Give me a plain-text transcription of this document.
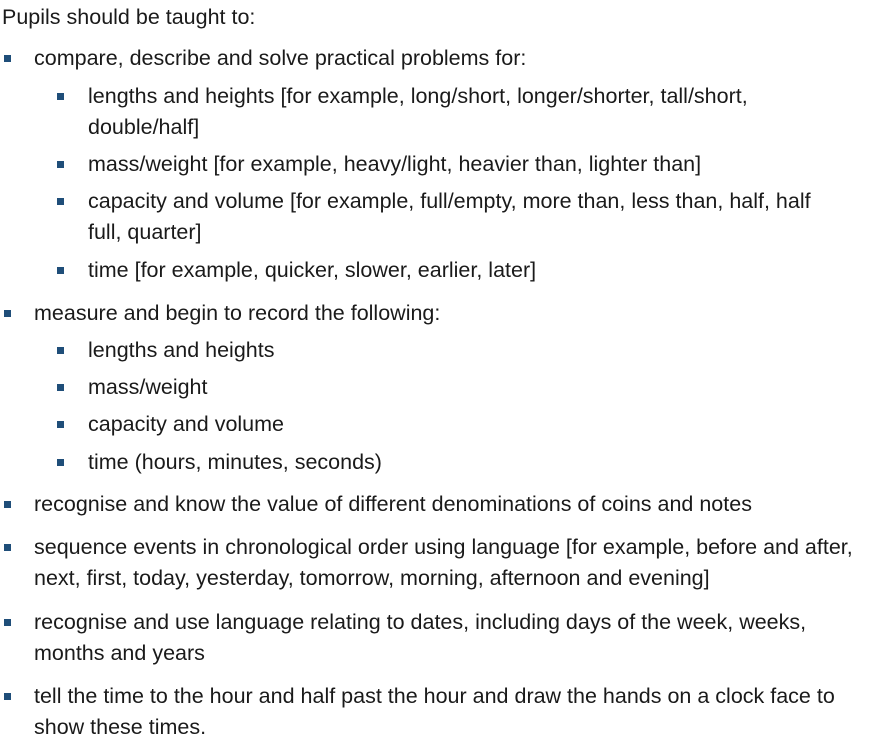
Pupils should be taught to:
compare, describe and solve practical problems for:
lengths and heights [for example, long/short, longer/shorter, tall/short, double/half]
mass/weight [for example, heavy/light, heavier than, lighter than]
capacity and volume [for example, full/empty, more than, less than, half, half full, quarter]
time [for example, quicker, slower, earlier, later]
measure and begin to record the following:
lengths and heights
mass/weight
capacity and volume
time (hours, minutes, seconds)
recognise and know the value of different denominations of coins and notes
sequence events in chronological order using language [for example, before and after, next, first, today, yesterday, tomorrow, morning, afternoon and evening]
recognise and use language relating to dates, including days of the week, weeks, months and years
tell the time to the hour and half past the hour and draw the hands on a clock face to show these times.
